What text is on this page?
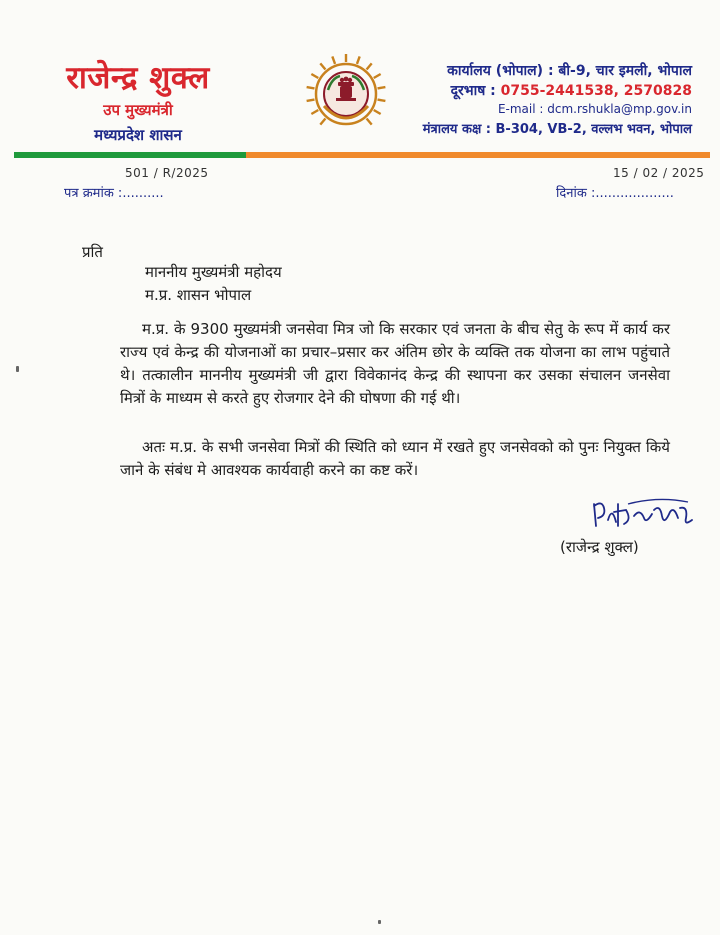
राजेन्द्र शुक्ल
उप मुख्यमंत्री
मध्यप्रदेश शासन
कार्यालय (भोपाल) : बी-9, चार इमली, भोपाल
दूरभाष : 0755-2441538, 2570828
E-mail : dcm.rshukla@mp.gov.in
मंत्रालय कक्ष : B-304, VB-2, वल्लभ भवन, भोपाल
501 / R/2025	15 / 02 / 2025
पत्र क्रमांक :..........	दिनांक :...................
प्रति
माननीय मुख्यमंत्री महोदय
म.प्र. शासन भोपाल
म.प्र. के 9300 मुख्यमंत्री जनसेवा मित्र जो कि सरकार एवं जनता के बीच सेतु के रूप में कार्य कर राज्य एवं केन्द्र की योजनाओं का प्रचार–प्रसार कर अंतिम छोर के व्यक्ति तक योजना का लाभ पहुंचाते थे। तत्कालीन माननीय मुख्यमंत्री जी द्वारा विवेकानंद केन्द्र की स्थापना कर उसका संचालन जनसेवा मित्रों के माध्यम से करते हुए रोजगार देने की घोषणा की गई थी।
अतः म.प्र. के सभी जनसेवा मित्रों की स्थिति को ध्यान में रखते हुए जनसेवको को पुनः नियुक्त किये जाने के संबंध मे आवश्यक कार्यवाही करने का कष्ट करें।
(राजेन्द्र शुक्ल)
